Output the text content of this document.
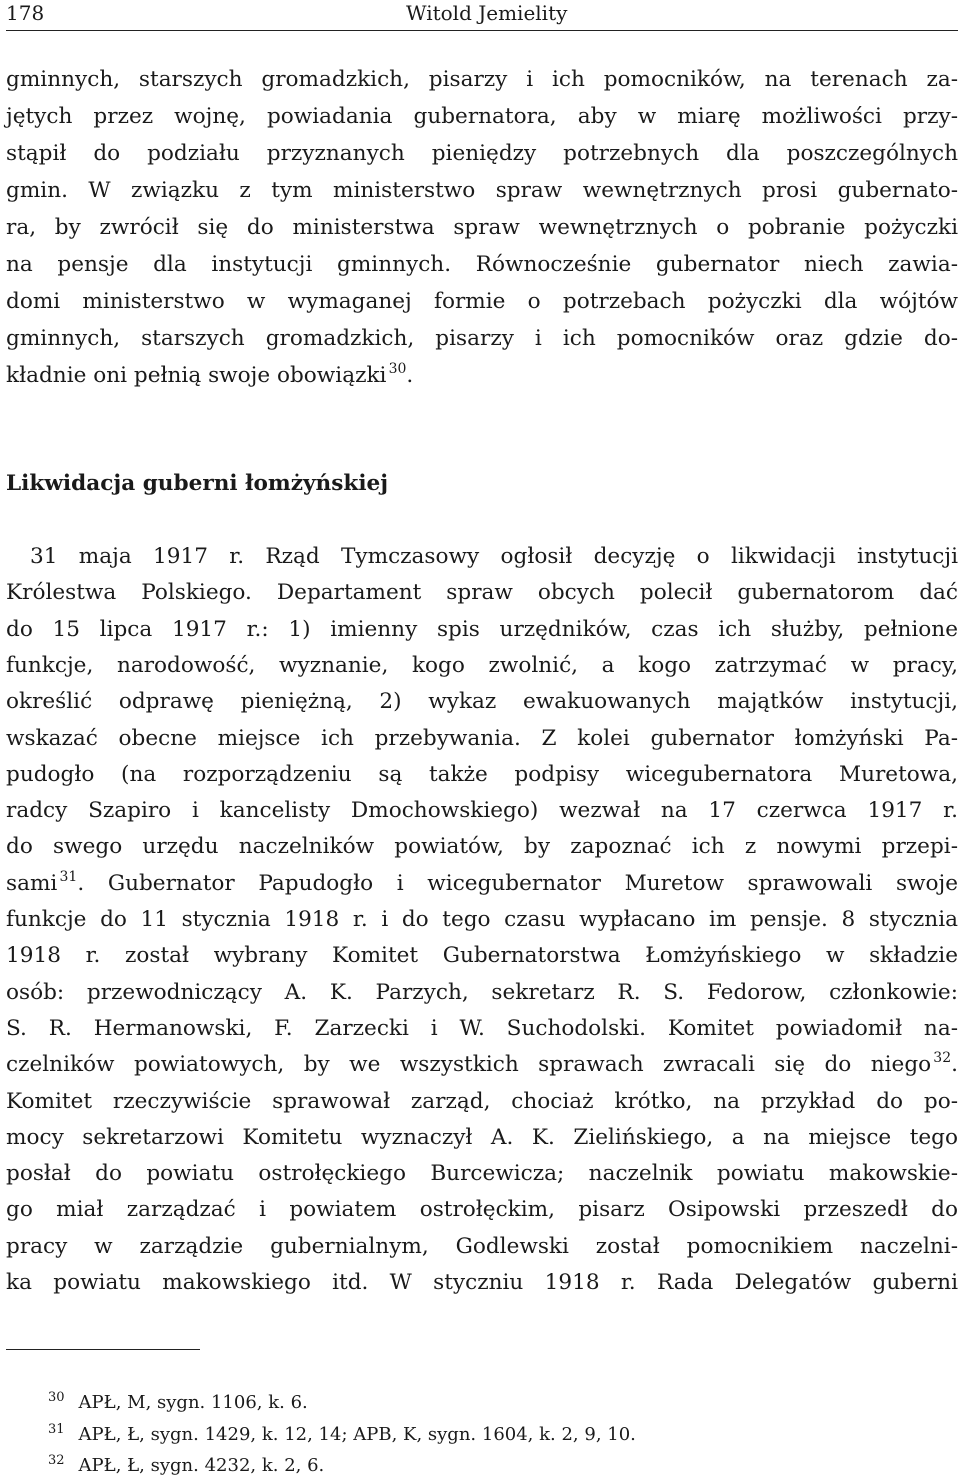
178	Witold Jemielity
gminnych, starszych gromadzkich, pisarzy i ich pomocników, na terenach za-
jętych przez wojnę, powiadania gubernatora, aby w miarę możliwości przy-
stąpił do podziału przyznanych pieniędzy potrzebnych dla poszczególnych
gmin. W związku z tym ministerstwo spraw wewnętrznych prosi gubernato-
ra, by zwrócił się do ministerstwa spraw wewnętrznych o pobranie pożyczki
na pensje dla instytucji gminnych. Równocześnie gubernator niech zawia-
domi ministerstwo w wymaganej formie o potrzebach pożyczki dla wójtów
gminnych, starszych gromadzkich, pisarzy i ich pomocników oraz gdzie do-
kładnie oni pełnią swoje obowiązki  $^{30}$.
Likwidacja guberni łomżyńskiej
31 maja 1917 r. Rząd Tymczasowy ogłosił decyzję o likwidacji instytucji
Królestwa Polskiego. Departament spraw obcych polecił gubernatorom dać
do 15 lipca 1917 r.: 1) imienny spis urzędników, czas ich służby, pełnione
funkcje, narodowość, wyznanie, kogo zwolnić, a kogo zatrzymać w pracy,
określić odprawę pieniężną, 2) wykaz ewakuowanych majątków instytucji,
wskazać obecne miejsce ich przebywania. Z kolei gubernator łomżyński Pa-
pudogło (na rozporządzeniu są także podpisy wicegubernatora Muretowa,
radcy Szapiro i kancelisty Dmochowskiego) wezwał na 17 czerwca 1917 r.
do swego urzędu naczelników powiatów, by zapoznać ich z nowymi przepi-
sami  $^{31}$. Gubernator Papudogło i wicegubernator Muretow sprawowali swoje
funkcje do 11 stycznia 1918 r. i do tego czasu wypłacano im pensje. 8 stycznia
1918 r. został wybrany Komitet Gubernatorstwa Łomżyńskiego w składzie
osób: przewodniczący A. K. Parzych, sekretarz R. S. Fedorow, członkowie:
S. R. Hermanowski, F. Zarzecki i W. Suchodolski. Komitet powiadomił na-
czelników powiatowych, by we wszystkich sprawach zwracali się do niego  $^{32}$.
Komitet rzeczywiście sprawował zarząd, chociaż krótko, na przykład do po-
mocy sekretarzowi Komitetu wyznaczył A. K. Zielińskiego, a na miejsce tego
posłał do powiatu ostrołęckiego Burcewicza; naczelnik powiatu makowskie-
go miał zarządzać i powiatem ostrołęckim, pisarz Osipowski przeszedł do
pracy w zarządzie gubernialnym, Godlewski został pomocnikiem naczelni-
ka powiatu makowskiego itd. W styczniu 1918 r. Rada Delegatów guberni
$^{30}$ APŁ, M, sygn. 1106, k. 6.
$^{31}$ APŁ, Ł, sygn. 1429, k. 12, 14; APB, K, sygn. 1604, k. 2, 9, 10.
$^{32}$ APŁ, Ł, sygn. 4232, k. 2, 6.
